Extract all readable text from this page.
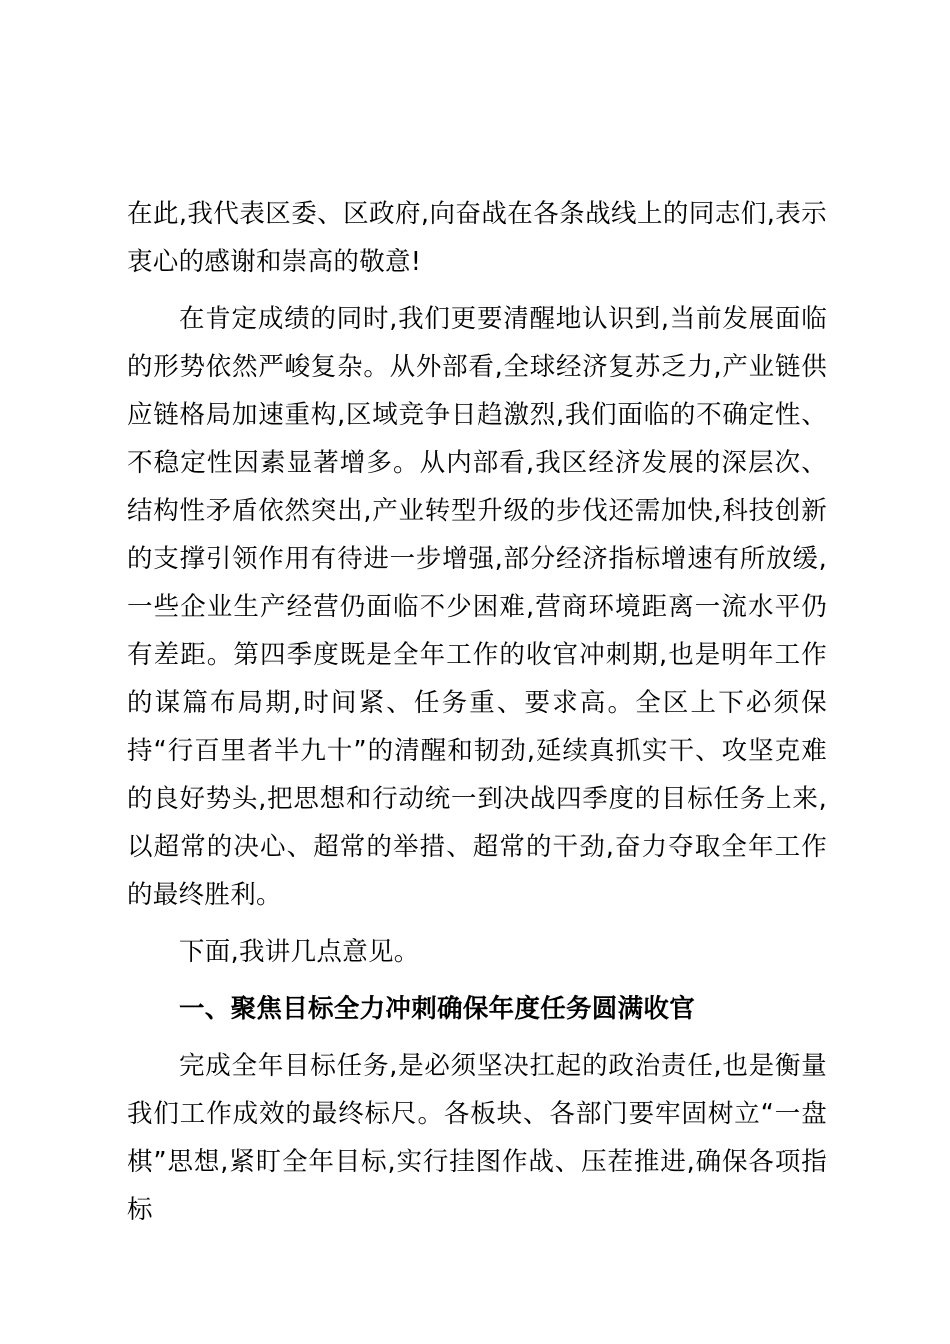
在此,我代表区委、区政府,向奋战在各条战线上的同志们,表示衷心的感谢和崇高的敬意!

在肯定成绩的同时,我们更要清醒地认识到,当前发展面临的形势依然严峻复杂。从外部看,全球经济复苏乏力,产业链供应链格局加速重构,区域竞争日趋激烈,我们面临的不确定性、不稳定性因素显著增多。从内部看,我区经济发展的深层次、结构性矛盾依然突出,产业转型升级的步伐还需加快,科技创新的支撑引领作用有待进一步增强,部分经济指标增速有所放缓,一些企业生产经营仍面临不少困难,营商环境距离一流水平仍有差距。第四季度既是全年工作的收官冲刺期,也是明年工作的谋篇布局期,时间紧、任务重、要求高。全区上下必须保持“行百里者半九十”的清醒和韧劲,延续真抓实干、攻坚克难的良好势头,把思想和行动统一到决战四季度的目标任务上来,以超常的决心、超常的举措、超常的干劲,奋力夺取全年工作的最终胜利。

下面,我讲几点意见。

一、聚焦目标全力冲刺确保年度任务圆满收官

完成全年目标任务,是必须坚决扛起的政治责任,也是衡量我们工作成效的最终标尺。各板块、各部门要牢固树立“一盘棋”思想,紧盯全年目标,实行挂图作战、压茬推进,确保各项指标
